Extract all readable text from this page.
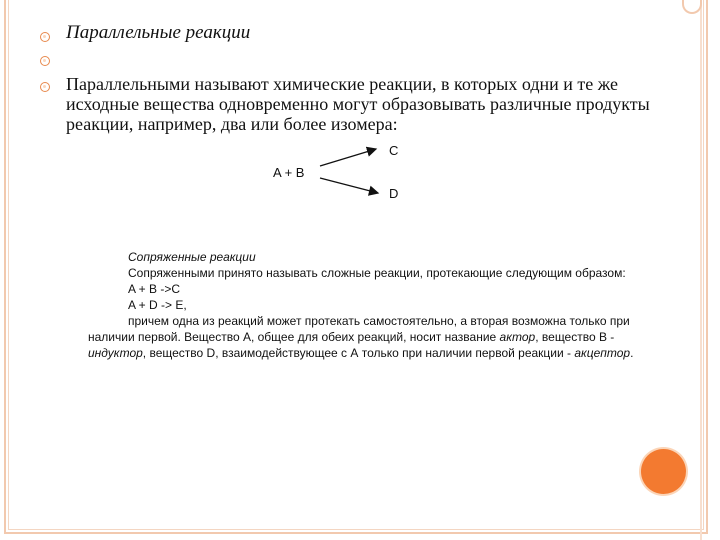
Параллельные реакции
Параллельными называют химические реакции, в которых одни и те же исходные вещества одновременно могут образовывать различные продукты реакции, например, два или более изомера:
A + B
C
D
Сопряженные реакции
Сопряженными принято называть сложные реакции, протекающие следующим образом:
A + B ->C
A + D -> E,
причем одна из реакций может протекать самостоятельно, а вторая возможна только при наличии первой. Вещество А, общее для обеих реакций, носит название актор, вещество В - индуктор, вещество D, взаимодействующее с А только при наличии первой реакции - акцептор.
